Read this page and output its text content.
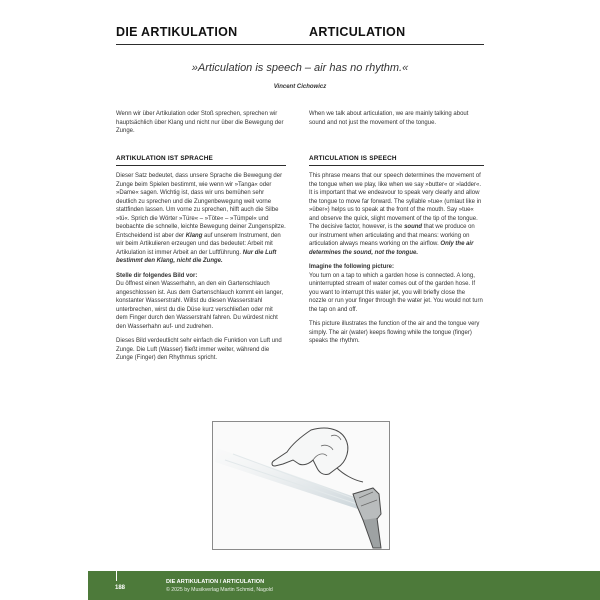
DIE ARTIKULATION	ARTICULATION
»Articulation is speech – air has no rhythm.«
Vincent Cichowicz
Wenn wir über Artikulation oder Stoß sprechen, sprechen wir hauptsächlich über Klang und nicht nur über die Bewegung der Zunge.
When we talk about articulation, we are mainly talking about sound and not just the movement of the tongue.
ARTIKULATION IST SPRACHE

Dieser Satz bedeutet, dass unsere Sprache die Bewegung der Zunge beim Spielen bestimmt, wie wenn wir »Tanga« oder »Dame« sagen. Wichtig ist, dass wir uns bemühen sehr deutlich zu sprechen und die Zungenbewegung weit vorne stattfinden lassen. Um vorne zu sprechen, hilft auch die Silbe »tü«. Sprich die Wörter »Türe« – »Töte« – »Tümpel« und beobachte die schnelle, leichte Bewegung deiner Zungenspitze. Entscheidend ist aber der Klang auf unserem Instrument, den wir beim Artikulieren erzeugen und das bedeutet: Arbeit mit Artikulation ist immer Arbeit an der Luftführung. Nur die Luft bestimmt den Klang, nicht die Zunge.

Stelle dir folgendes Bild vor:
Du öffnest einen Wasserhahn, an den ein Gartenschlauch angeschlossen ist. Aus dem Gartenschlauch kommt ein langer, konstanter Wasserstrahl. Willst du diesen Wasserstrahl unterbrechen, wirst du die Düse kurz verschließen oder mit dem Finger durch den Wasserstrahl fahren. Du würdest nicht den Wasserhahn auf- und zudrehen.

Dieses Bild verdeutlicht sehr einfach die Funktion von Luft und Zunge. Die Luft (Wasser) fließt immer weiter, während die Zunge (Finger) den Rhythmus spricht.

ARTICULATION IS SPEECH

This phrase means that our speech determines the movement of the tongue when we play, like when we say »butter« or »ladder«. It is important that we endeavour to speak very clearly and allow the tongue to move far forward. The syllable »tue« (umlaut like in »über«) helps us to speak at the front of the mouth. Say »tue« and observe the quick, slight movement of the tip of the tongue. The decisive factor, however, is the sound that we produce on our instrument when articulating and that means: working on articulation always means working on the airflow. Only the air determines the sound, not the tongue.

Imagine the following picture:
You turn on a tap to which a garden hose is connected. A long, uninterrupted stream of water comes out of the garden hose. If you want to interrupt this water jet, you will briefly close the nozzle or run your finger through the water jet. You would not turn the tap on and off.

This picture illustrates the function of the air and the tongue very simply. The air (water) keeps flowing while the tongue (finger) speaks the rhythm.

188
DIE ARTIKULATION / ARTICULATION
© 2025 by Musikverlag Martin Schmid, Nagold
